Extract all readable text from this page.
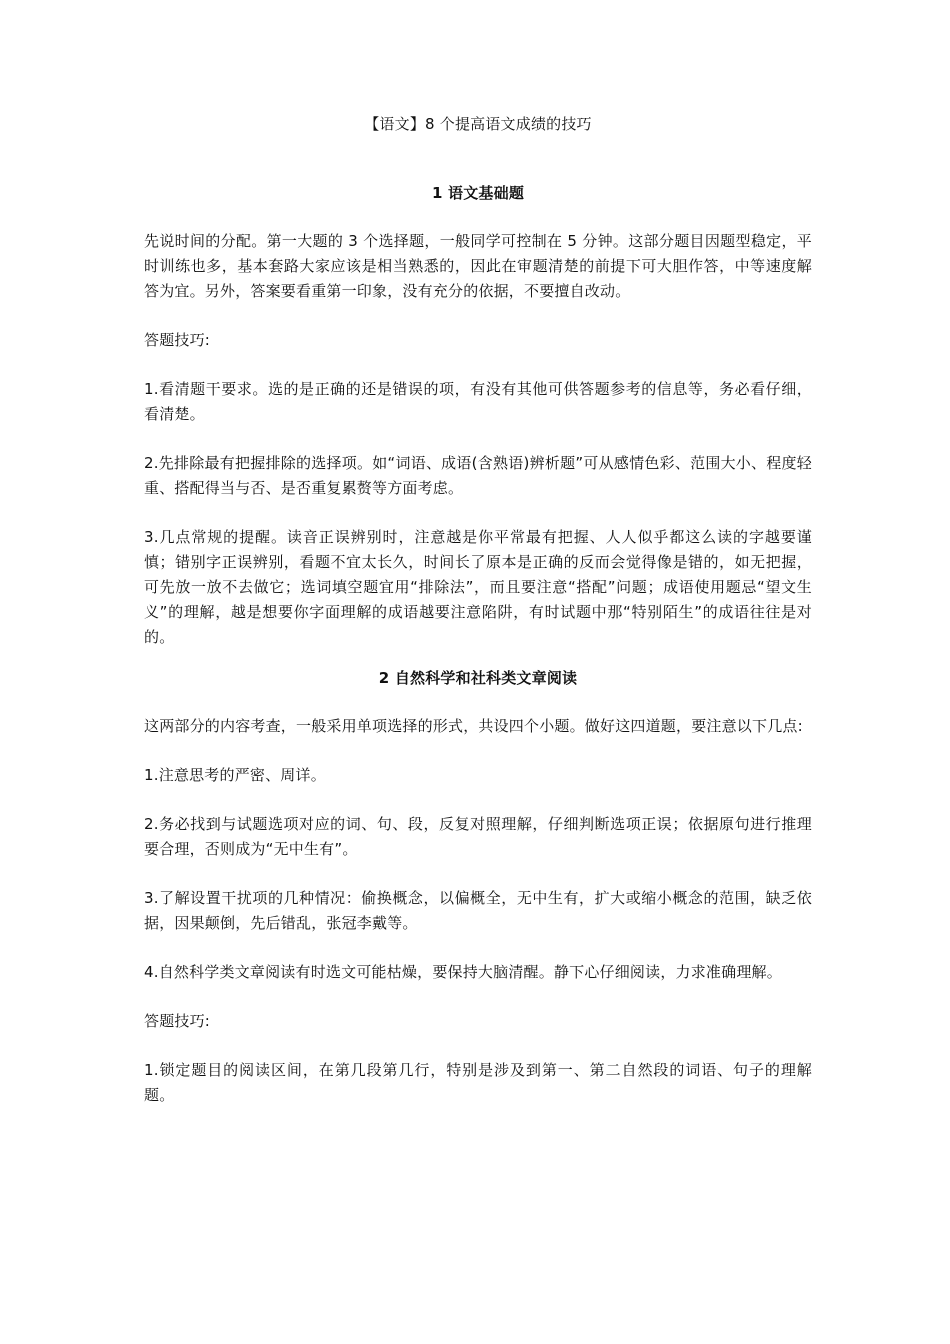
【语文】8 个提高语文成绩的技巧
1 语文基础题

先说时间的分配。第一大题的 3 个选择题，一般同学可控制在 5 分钟。这部分题目因题型稳定，平时训练也多，基本套路大家应该是相当熟悉的，因此在审题清楚的前提下可大胆作答，中等速度解答为宜。另外，答案要看重第一印象，没有充分的依据，不要擅自改动。

答题技巧:

1.看清题干要求。选的是正确的还是错误的项，有没有其他可供答题参考的信息等，务必看仔细，看清楚。

2.先排除最有把握排除的选择项。如“词语、成语(含熟语)辨析题”可从感情色彩、范围大小、程度轻重、搭配得当与否、是否重复累赘等方面考虑。

3.几点常规的提醒。读音正误辨别时，注意越是你平常最有把握、人人似乎都这么读的字越要谨慎；错别字正误辨别，看题不宜太长久，时间长了原本是正确的反而会觉得像是错的，如无把握，可先放一放不去做它；选词填空题宜用“排除法”，而且要注意“搭配”问题；成语使用题忌“望文生义”的理解，越是想要你字面理解的成语越要注意陷阱，有时试题中那“特别陌生”的成语往往是对的。

2 自然科学和社科类文章阅读

这两部分的内容考查，一般采用单项选择的形式，共设四个小题。做好这四道题，要注意以下几点:

1.注意思考的严密、周详。

2.务必找到与试题选项对应的词、句、段，反复对照理解，仔细判断选项正误；依据原句进行推理要合理，否则成为“无中生有”。

3.了解设置干扰项的几种情况：偷换概念，以偏概全，无中生有，扩大或缩小概念的范围，缺乏依据，因果颠倒，先后错乱，张冠李戴等。

4.自然科学类文章阅读有时选文可能枯燥，要保持大脑清醒。静下心仔细阅读，力求准确理解。

答题技巧:

1.锁定题目的阅读区间，在第几段第几行，特别是涉及到第一、第二自然段的词语、句子的理解题。
